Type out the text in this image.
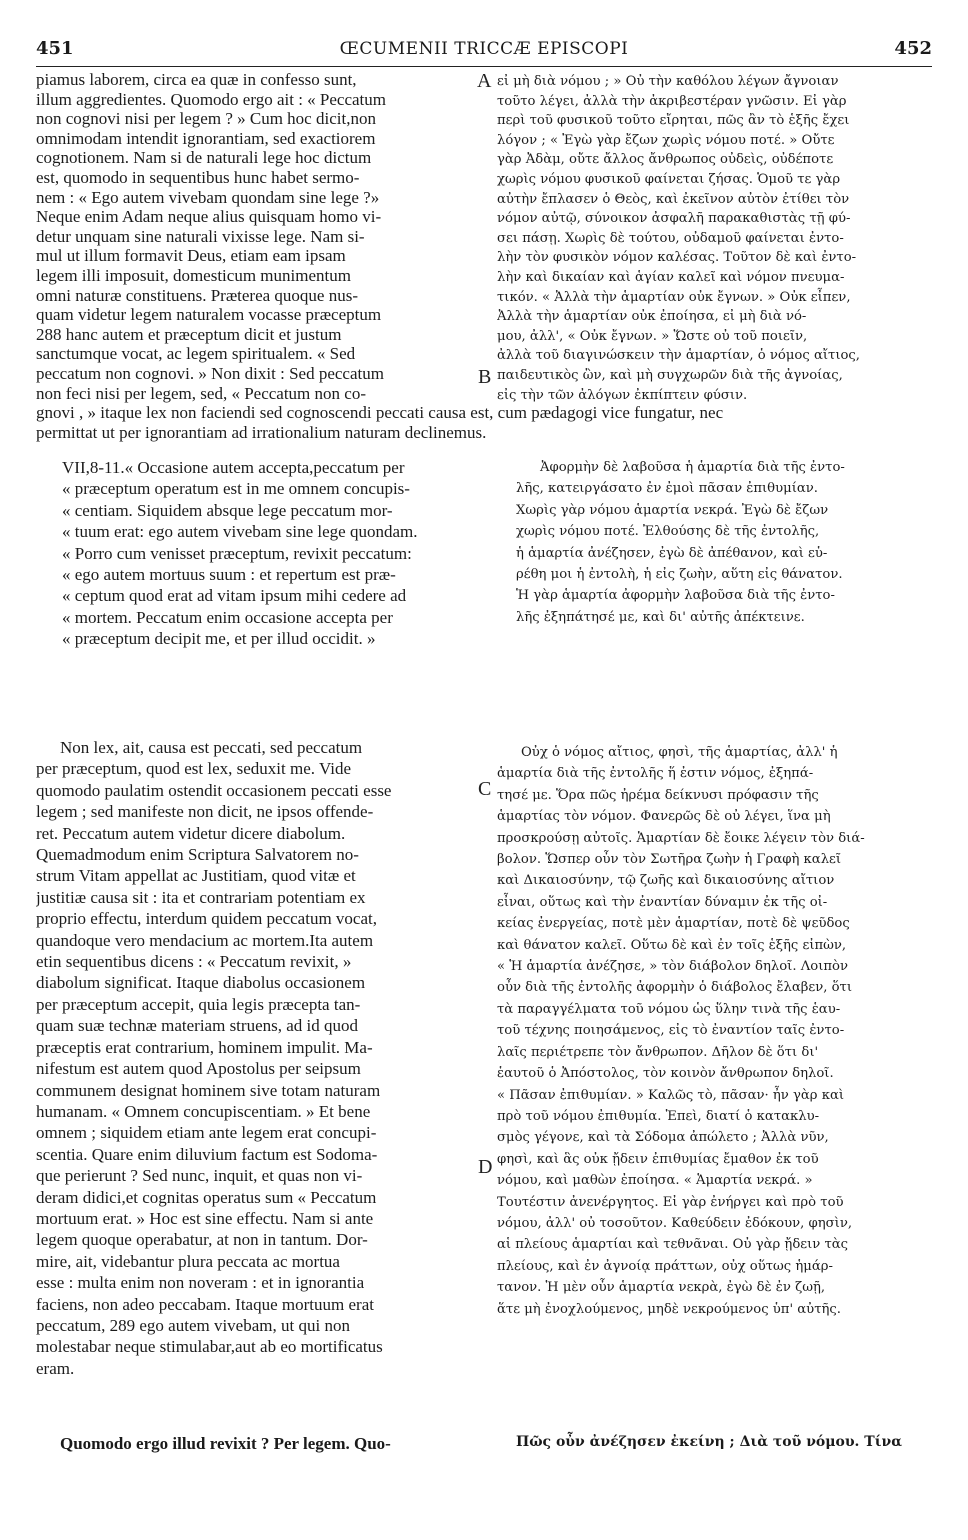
451	ŒCUMENII TRICCÆ EPISCOPI	452
piamus laborem, circa ea quæ in confesso sunt,
illum aggredientes. Quomodo ergo ait : « Peccatum
non cognovi nisi per legem ? » Cum hoc dicit,non
omnimodam intendit ignorantiam, sed exactiorem
cognotionem. Nam si de naturali lege hoc dictum
est, quomodo in sequentibus hunc habet sermo-
nem : « Ego autem vivebam quondam sine lege ?»
Neque enim Adam neque alius quisquam homo vi-
detur unquam sine naturali vixisse lege. Nam si-
mul ut illum formavit Deus, etiam eam ipsam
legem illi imposuit, domesticum munimentum
omni naturæ constituens. Præterea quoque nus-
quam videtur legem naturalem vocasse præceptum
288 hanc autem et præceptum dicit et justum
sanctumque vocat, ac legem spiritualem. « Sed
peccatum non cognovi. » Non dixit : Sed peccatum
non feci nisi per legem, sed, « Peccatum non co-
εἰ μὴ διὰ νόμου ; » Οὐ τὴν καθόλου λέγων ἄγνοιαν
τοῦτο λέγει, ἀλλὰ τὴν ἀκριβεστέραν γνῶσιν. Εἰ γὰρ
περὶ τοῦ φυσικοῦ τοῦτο εἴρηται, πῶς ἂν τὸ ἑξῆς ἔχει
λόγον ; « Ἐγὼ γὰρ ἔζων χωρὶς νόμου ποτέ. » Οὔτε
γὰρ Ἀδὰμ, οὔτε ἄλλος ἄνθρωπος οὐδεὶς, οὐδέποτε
χωρὶς νόμου φυσικοῦ φαίνεται ζήσας. Ὁμοῦ τε γὰρ
αὐτὴν ἔπλασεν ὁ Θεὸς, καὶ ἐκεῖνον αὐτὸν ἐτίθει τὸν
νόμον αὐτῷ, σύνοικον ἀσφαλῆ παρακαθιστὰς τῇ φύ-
σει πάσῃ. Χωρὶς δὲ τούτου, οὐδαμοῦ φαίνεται ἐντο-
λὴν τὸν φυσικὸν νόμον καλέσας. Τοῦτον δὲ καὶ ἐντο-
λὴν καὶ δικαίαν καὶ ἁγίαν καλεῖ καὶ νόμον πνευμα-
τικόν. « Ἀλλὰ τὴν ἁμαρτίαν οὐκ ἔγνων. » Οὐκ εἶπεν,
Ἀλλὰ τὴν ἁμαρτίαν οὐκ ἐποίησα, εἰ μὴ διὰ νό-
μου, ἀλλ', « Οὐκ ἔγνων. » Ὥστε οὐ τοῦ ποιεῖν,
ἀλλὰ τοῦ διαγινώσκειν τὴν ἁμαρτίαν, ὁ νόμος αἴτιος,
παιδευτικὸς ὢν, καὶ μὴ συγχωρῶν διὰ τῆς ἀγνοίας,
εἰς τὴν τῶν ἀλόγων ἐκπίπτειν φύσιν.
gnovi , » itaque lex non faciendi sed cognoscendi peccati causa est, cum pædagogi vice fungatur, nec
permittat ut per ignorantiam ad irrationalium naturam declinemus.
A
B
C
D
VII,8-11.« Occasione autem accepta,peccatum per
« præceptum operatum est in me omnem concupis-
« centiam. Siquidem absque lege peccatum mor-
« tuum erat: ego autem vivebam sine lege quondam.
« Porro cum venisset præceptum, revixit peccatum:
« ego autem mortuus suum : et repertum est præ-
« ceptum quod erat ad vitam ipsum mihi cedere ad
« mortem. Peccatum enim occasione accepta per
« præceptum decipit me, et per illud occidit. »
Ἀφορμὴν δὲ λαβοῦσα ἡ ἁμαρτία διὰ τῆς ἐντο-
λῆς, κατειργάσατο ἐν ἐμοὶ πᾶσαν ἐπιθυμίαν.
Χωρὶς γὰρ νόμου ἁμαρτία νεκρά. Ἐγὼ δὲ ἔζων
χωρὶς νόμου ποτέ. Ἐλθούσης δὲ τῆς ἐντολῆς,
ἡ ἁμαρτία ἀνέζησεν, ἐγὼ δὲ ἀπέθανον, καὶ εὑ-
ρέθη μοι ἡ ἐντολὴ, ἡ εἰς ζωὴν, αὕτη εἰς θάνατον.
Ἡ γὰρ ἁμαρτία ἀφορμὴν λαβοῦσα διὰ τῆς ἐντο-
λῆς ἐξηπάτησέ με, καὶ δι' αὐτῆς ἀπέκτεινε.
Non lex, ait, causa est peccati, sed peccatum
per præceptum, quod est lex, seduxit me. Vide
quomodo paulatim ostendit occasionem peccati esse
legem ; sed manifeste non dicit, ne ipsos offende-
ret. Peccatum autem videtur dicere diabolum.
Quemadmodum enim Scriptura Salvatorem no-
strum Vitam appellat ac Justitiam, quod vitæ et
justitiæ causa sit : ita et contrariam potentiam ex
proprio effectu, interdum quidem peccatum vocat,
quandoque vero mendacium ac mortem.Ita autem
etin sequentibus dicens : « Peccatum revixit, »
diabolum significat. Itaque diabolus occasionem
per præceptum accepit, quia legis præcepta tan-
quam suæ technæ materiam struens, ad id quod
præceptis erat contrarium, hominem impulit. Ma-
nifestum est autem quod Apostolus per seipsum
communem designat hominem sive totam naturam
humanam. « Omnem concupiscentiam. » Et bene
omnem ; siquidem etiam ante legem erat concupi-
scentia. Quare enim diluvium factum est Sodoma-
que perierunt ? Sed nunc, inquit, et quas non vi-
deram didici,et cognitas operatus sum « Peccatum
mortuum erat. » Hoc est sine effectu. Nam si ante
legem quoque operabatur, at non in tantum. Dor-
mire, ait, videbantur plura peccata ac mortua
esse : multa enim non noveram : et in ignorantia
faciens, non adeo peccabam. Itaque mortuum erat
peccatum, 289 ego autem vivebam, ut qui non
molestabar neque stimulabar,aut ab eo mortificatus
eram.
Οὐχ ὁ νόμος αἴτιος, φησὶ, τῆς ἁμαρτίας, ἀλλ' ἡ
ἁμαρτία διὰ τῆς ἐντολῆς ἥ ἐστιν νόμος, ἐξηπά-
τησέ με. Ὅρα πῶς ἠρέμα δείκνυσι πρόφασιν τῆς
ἁμαρτίας τὸν νόμον. Φανερῶς δὲ οὐ λέγει, ἵνα μὴ
προσκρούσῃ αὐτοῖς. Ἁμαρτίαν δὲ ἔοικε λέγειν τὸν διά-
βολον. Ὥσπερ οὖν τὸν Σωτῆρα ζωὴν ἡ Γραφὴ καλεῖ
καὶ Δικαιοσύνην, τῷ ζωῆς καὶ δικαιοσύνης αἴτιον
εἶναι, οὕτως καὶ τὴν ἐναντίαν δύναμιν ἐκ τῆς οἰ-
κείας ἐνεργείας, ποτὲ μὲν ἁμαρτίαν, ποτὲ δὲ ψεῦδος
καὶ θάνατον καλεῖ. Οὕτω δὲ καὶ ἐν τοῖς ἑξῆς εἰπὼν,
« Ἡ ἁμαρτία ἀνέζησε, » τὸν διάβολον δηλοῖ. Λοιπὸν
οὖν διὰ τῆς ἐντολῆς ἀφορμὴν ὁ διάβολος ἔλαβεν, ὅτι
τὰ παραγγέλματα τοῦ νόμου ὡς ὕλην τινὰ τῆς ἑαυ-
τοῦ τέχνης ποιησάμενος, εἰς τὸ ἐναντίον ταῖς ἐντο-
λαῖς περιέτρεπε τὸν ἄνθρωπον. Δῆλον δὲ ὅτι δι'
ἑαυτοῦ ὁ Ἀπόστολος, τὸν κοινὸν ἄνθρωπον δηλοῖ.
« Πᾶσαν ἐπιθυμίαν. » Καλῶς τὸ, πᾶσαν· ἦν γὰρ καὶ
πρὸ τοῦ νόμου ἐπιθυμία. Ἐπεὶ, διατί ὁ κατακλυ-
σμὸς γέγονε, καὶ τὰ Σόδομα ἀπώλετο ; Ἀλλὰ νῦν,
φησὶ, καὶ ἃς οὐκ ᾔδειν ἐπιθυμίας ἔμαθον ἐκ τοῦ
νόμου, καὶ μαθὼν ἐποίησα. « Ἁμαρτία νεκρά. »
Τουτέστιν ἀνενέργητος. Εἰ γὰρ ἐνήργει καὶ πρὸ τοῦ
νόμου, ἀλλ' οὐ τοσοῦτον. Καθεύδειν ἐδόκουν, φησὶν,
αἱ πλείους ἁμαρτίαι καὶ τεθνᾶναι. Οὐ γὰρ ᾔδειν τὰς
πλείους, καὶ ἐν ἀγνοίᾳ πράττων, οὐχ οὕτως ἡμάρ-
τανον. Ἡ μὲν οὖν ἁμαρτία νεκρὰ, ἐγὼ δὲ ἐν ζωῇ,
ἅτε μὴ ἐνοχλούμενος, μηδὲ νεκρούμενος ὑπ' αὐτῆς.
Quomodo ergo illud revixit ? Per legem. Quo-	Πῶς οὖν ἀνέζησεν ἐκείνη ; Διὰ τοῦ νόμου. Τίνα
